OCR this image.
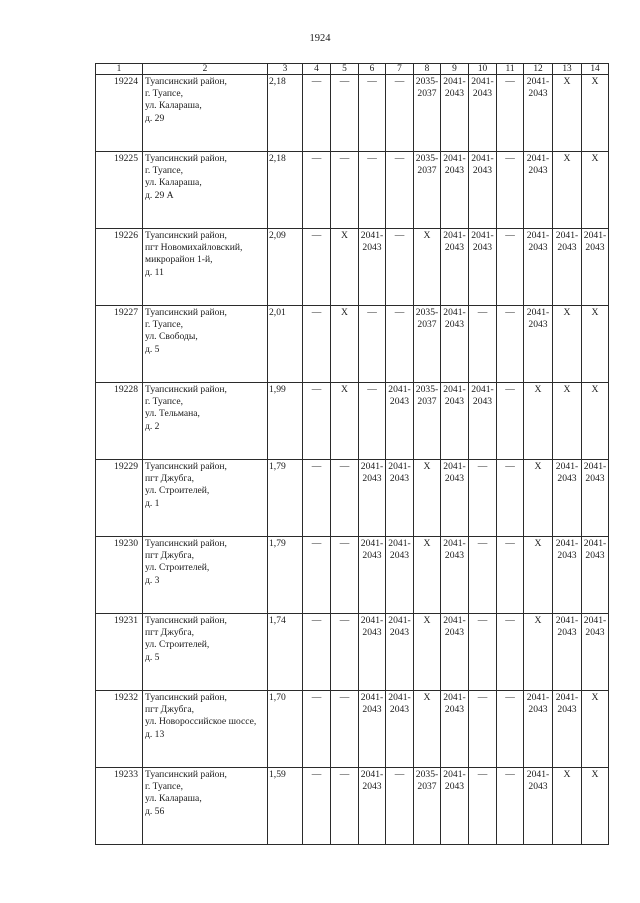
1924
1	2	3	4	5	6	7	8	9	10	11	12	13	14
19224	Туапсинский район,
г. Туапсе,
ул. Калараша,
д. 29	2,18	—	—	—	—	2035-
2037	2041-
2043	2041-
2043	—	2041-
2043	X	X

19225	Туапсинский район,
г. Туапсе,
ул. Калараша,
д. 29 А	2,18	—	—	—	—	2035-
2037	2041-
2043	2041-
2043	—	2041-
2043	X	X

19226	Туапсинский район,
пгт Новомихайловский,
микрорайон 1-й,
д. 11	2,09	—	X	2041-
2043	—	X	2041-
2043	2041-
2043	—	2041-
2043	2041-
2043	2041-
2043

19227	Туапсинский район,
г. Туапсе,
ул. Свободы,
д. 5	2,01	—	X	—	—	2035-
2037	2041-
2043	—	—	2041-
2043	X	X

19228	Туапсинский район,
г. Туапсе,
ул. Тельмана,
д. 2	1,99	—	X	—	2041-
2043	2035-
2037	2041-
2043	2041-
2043	—	X	X	X

19229	Туапсинский район,
пгт Джубга,
ул. Строителей,
д. 1	1,79	—	—	2041-
2043	2041-
2043	X	2041-
2043	—	—	X	2041-
2043	2041-
2043

19230	Туапсинский район,
пгт Джубга,
ул. Строителей,
д. 3	1,79	—	—	2041-
2043	2041-
2043	X	2041-
2043	—	—	X	2041-
2043	2041-
2043

19231	Туапсинский район,
пгт Джубга,
ул. Строителей,
д. 5	1,74	—	—	2041-
2043	2041-
2043	X	2041-
2043	—	—	X	2041-
2043	2041-
2043

19232	Туапсинский район,
пгт Джубга,
ул. Новороссийское шоссе,
д. 13	1,70	—	—	2041-
2043	2041-
2043	X	2041-
2043	—	—	2041-
2043	2041-
2043	X

19233	Туапсинский район,
г. Туапсе,
ул. Калараша,
д. 56	1,59	—	—	2041-
2043	—	2035-
2037	2041-
2043	—	—	2041-
2043	X	X
